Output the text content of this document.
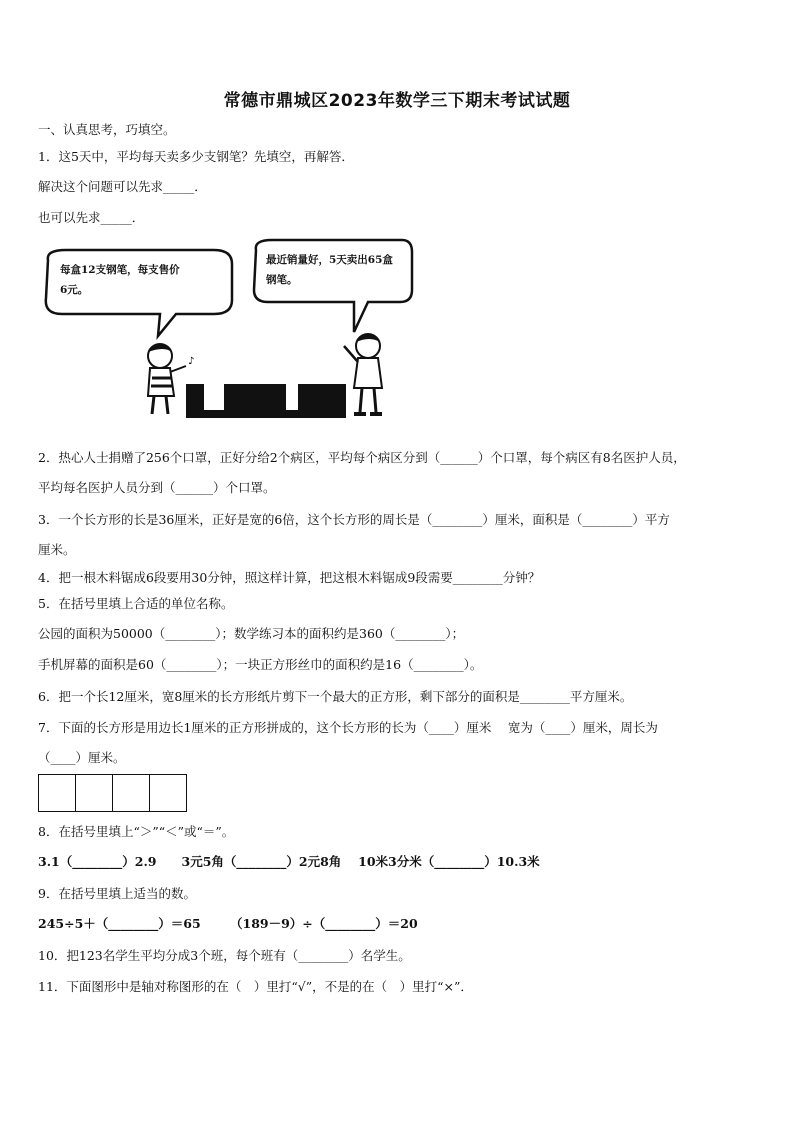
常德市鼎城区2023年数学三下期末考试试题
一、认真思考，巧填空。
1．这5天中，平均每天卖多少支钢笔？先填空，再解答．
解决这个问题可以先求_____．
也可以先求_____．
♪
每盒12支钢笔，每支售价
6元。
最近销量好，5天卖出65盒
钢笔。
2．热心人士捐赠了256个口罩，正好分给2个病区，平均每个病区分到（______）个口罩，每个病区有8名医护人员，
平均每名医护人员分到（______）个口罩。
3．一个长方形的长是36厘米，正好是宽的6倍，这个长方形的周长是（________）厘米，面积是（________）平方
厘米。
4．把一根木料锯成6段要用30分钟，照这样计算，把这根木料锯成9段需要________分钟？
5．在括号里填上合适的单位名称。
公园的面积为50000（________）；数学练习本的面积约是360（________）；
手机屏幕的面积是60（________）；一块正方形丝巾的面积约是16（________）。
6．把一个长12厘米，宽8厘米的长方形纸片剪下一个最大的正方形，剩下部分的面积是________平方厘米。
7．下面的长方形是用边长1厘米的正方形拼成的，这个长方形的长为（____）厘米　 宽为（____）厘米，周长为
（____）厘米。
8．在括号里填上“＞”“＜”或“＝”。
3.1（________）2.9　　3元5角（________）2元8角　 10米3分米（________）10.3米
9．在括号里填上适当的数。
245÷5＋（________）＝65　　 （189－9）÷（________）＝20
10．把123名学生平均分成3个班，每个班有（________）名学生。
11．下面图形中是轴对称图形的在（　）里打“√”，不是的在（　）里打“×”．
